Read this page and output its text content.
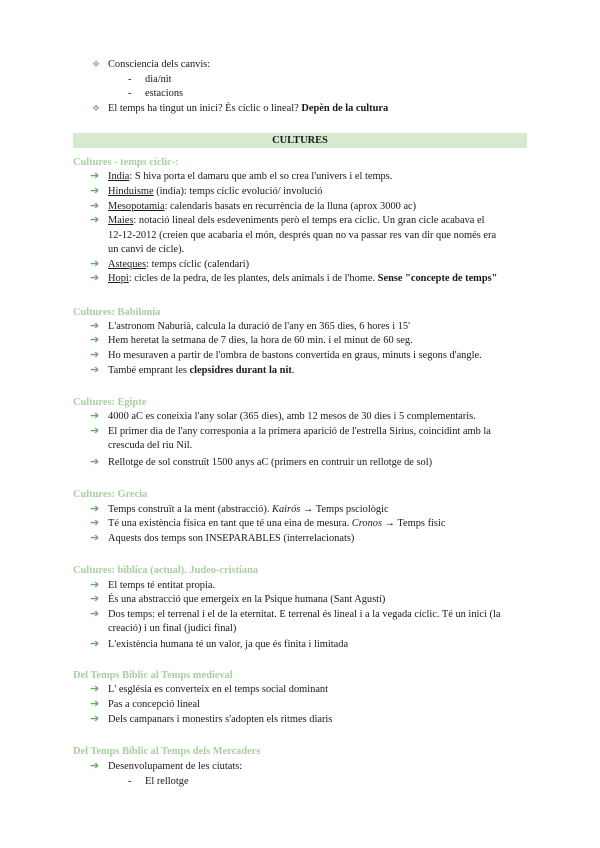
❖ Consciencia dels canvis:
- dia/nit
- estacions
❖ El temps ha tingut un inici? És cíclic o lineal? Depèn de la cultura
CULTURES
Cultures - temps cíclic-:
➔ India: S hiva porta el damaru que amb el so crea l'univers i el temps.
➔ Hinduisme (india): temps cíclic evolució/ involució
➔ Mesopotamia: calendaris basats en recurrència de la lluna (aprox 3000 ac)
➔ Maies: notació lineal dels esdeveniments però el temps era cíclic. Un gran cicle acabava el
12-12-2012 (creien que acabaria el món, després quan no va passar res van dir que només era
un canvi de cicle).
➔ Asteques: temps cíclic (calendari)
➔ Hopi: cicles de la pedra, de les plantes, dels animals i de l'home. Sense "concepte de temps"
Cultures: Babilonia
➔ L'astronom Naburià, calcula la duració de l'any en 365 dies, 6 hores i 15'
➔ Hem heretat la setmana de 7 dies, la hora de 60 min. i el minut de 60 seg.
➔ Ho mesuraven a partir de l'ombra de bastons convertida en graus, minuts i segons d'angle.
➔ També emprant les clepsidres durant la nit.
Cultures: Egipte
➔ 4000 aC es coneixia l'any solar (365 dies), amb 12 mesos de 30 dies i 5 complementaris.
➔ El primer dia de l'any corresponia a la primera aparició de l'estrella Sirius, coincidint amb la
crescuda del riu Nil.
➔ Rellotge de sol construït 1500 anys aC (primers en contruir un rellotge de sol)
Cultures: Grecia
➔ Temps construït a la ment (abstracció). Kairós → Temps psciològic
➔ Té una existència física en tant que té una eina de mesura. Cronos → Temps físic
➔ Aquests dos temps son INSEPARABLES (interrelacionats)
Cultures: bíblica (actual). Judeo-cristiana
➔ El temps té entitat propia.
➔ És una abstracció que emergeix en la Psique humana (Sant Agustí)
➔ Dos temps: el terrenal i el de la eternitat. E terrenal és lineal i a la vegada cíclic. Té un inici (la
creació) i un final (judici final)
➔ L'existència humana té un valor, ja que és finita i limitada
Del Temps Bíblic al Temps medieval
➔ L' església es converteix en el temps social dominant
➔ Pas a concepció lineal
➔ Dels campanars i monestirs s'adopten els ritmes diaris
Del Temps Bíblic al Temps dels Mercaders
➔ Desenvolupament de les ciutats:
- El rellotge
